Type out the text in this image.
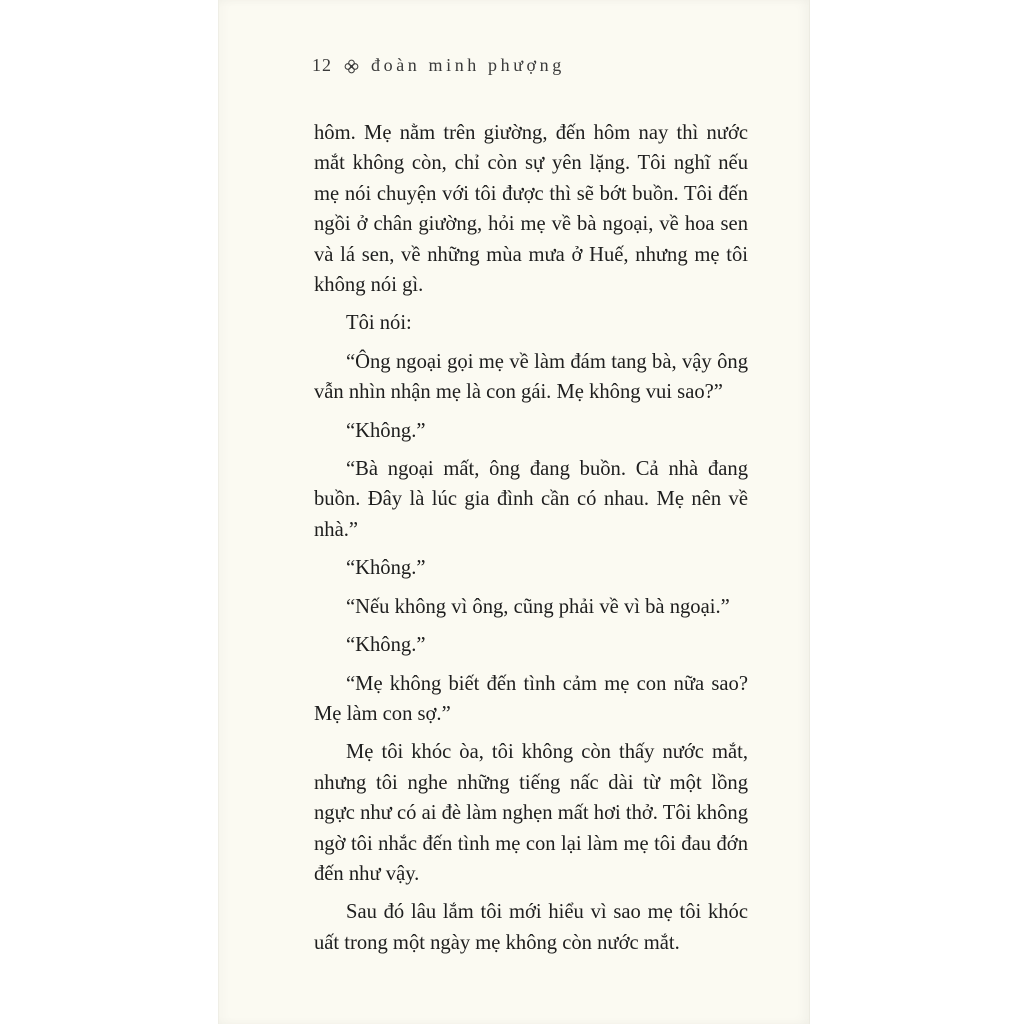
12 đoàn minh phượng

hôm. Mẹ nằm trên giường, đến hôm nay thì nước mắt không còn, chỉ còn sự yên lặng. Tôi nghĩ nếu mẹ nói chuyện với tôi được thì sẽ bớt buồn. Tôi đến ngồi ở chân giường, hỏi mẹ về bà ngoại, về hoa sen và lá sen, về những mùa mưa ở Huế, nhưng mẹ tôi không nói gì.

Tôi nói:

“Ông ngoại gọi mẹ về làm đám tang bà, vậy ông vẫn nhìn nhận mẹ là con gái. Mẹ không vui sao?”

“Không.”

“Bà ngoại mất, ông đang buồn. Cả nhà đang buồn. Đây là lúc gia đình cần có nhau. Mẹ nên về nhà.”

“Không.”

“Nếu không vì ông, cũng phải về vì bà ngoại.”

“Không.”

“Mẹ không biết đến tình cảm mẹ con nữa sao? Mẹ làm con sợ.”

Mẹ tôi khóc òa, tôi không còn thấy nước mắt, nhưng tôi nghe những tiếng nấc dài từ một lồng ngực như có ai đè làm nghẹn mất hơi thở. Tôi không ngờ tôi nhắc đến tình mẹ con lại làm mẹ tôi đau đớn đến như vậy.

Sau đó lâu lắm tôi mới hiểu vì sao mẹ tôi khóc uất trong một ngày mẹ không còn nước mắt.
